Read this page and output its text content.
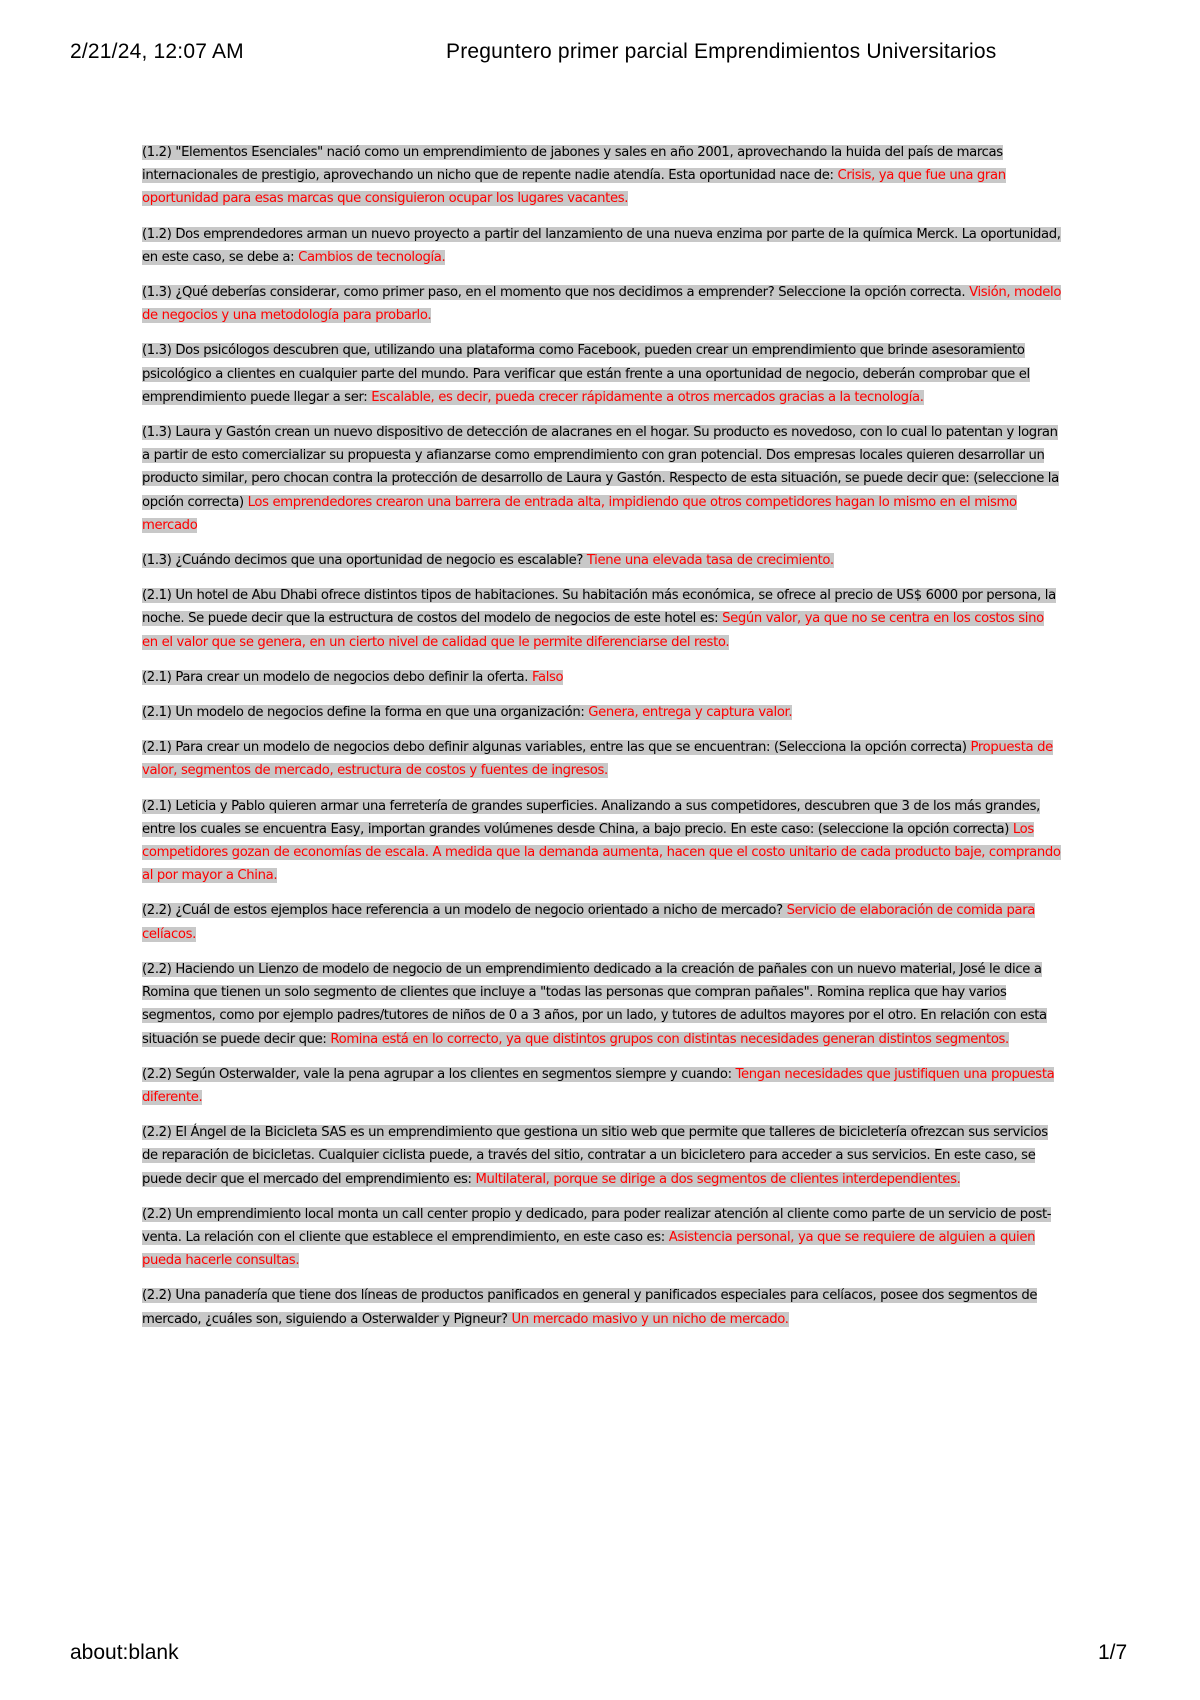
2/21/24, 12:07 AM	Preguntero primer parcial Emprendimientos Universitarios

(1.2) "Elementos Esenciales" nació como un emprendimiento de jabones y sales en año 2001, aprovechando la huida del país de marcas internacionales de prestigio, aprovechando un nicho que de repente nadie atendía. Esta oportunidad nace de: Crisis, ya que fue una gran oportunidad para esas marcas que consiguieron ocupar los lugares vacantes.

(1.2) Dos emprendedores arman un nuevo proyecto a partir del lanzamiento de una nueva enzima por parte de la química Merck. La oportunidad, en este caso, se debe a: Cambios de tecnología.

(1.3) ¿Qué deberías considerar, como primer paso, en el momento que nos decidimos a emprender? Seleccione la opción correcta. Visión, modelo de negocios y una metodología para probarlo.

(1.3) Dos psicólogos descubren que, utilizando una plataforma como Facebook, pueden crear un emprendimiento que brinde asesoramiento psicológico a clientes en cualquier parte del mundo. Para verificar que están frente a una oportunidad de negocio, deberán comprobar que el emprendimiento puede llegar a ser: Escalable, es decir, pueda crecer rápidamente a otros mercados gracias a la tecnología.

(1.3) Laura y Gastón crean un nuevo dispositivo de detección de alacranes en el hogar. Su producto es novedoso, con lo cual lo patentan y logran a partir de esto comercializar su propuesta y afianzarse como emprendimiento con gran potencial. Dos empresas locales quieren desarrollar un producto similar, pero chocan contra la protección de desarrollo de Laura y Gastón. Respecto de esta situación, se puede decir que: (seleccione la opción correcta) Los emprendedores crearon una barrera de entrada alta, impidiendo que otros competidores hagan lo mismo en el mismo mercado

(1.3) ¿Cuándo decimos que una oportunidad de negocio es escalable? Tiene una elevada tasa de crecimiento.

(2.1) Un hotel de Abu Dhabi ofrece distintos tipos de habitaciones. Su habitación más económica, se ofrece al precio de US$ 6000 por persona, la noche. Se puede decir que la estructura de costos del modelo de negocios de este hotel es: Según valor, ya que no se centra en los costos sino en el valor que se genera, en un cierto nivel de calidad que le permite diferenciarse del resto.

(2.1) Para crear un modelo de negocios debo definir la oferta. Falso

(2.1) Un modelo de negocios define la forma en que una organización: Genera, entrega y captura valor.

(2.1) Para crear un modelo de negocios debo definir algunas variables, entre las que se encuentran: (Selecciona la opción correcta) Propuesta de valor, segmentos de mercado, estructura de costos y fuentes de ingresos.

(2.1) Leticia y Pablo quieren armar una ferretería de grandes superficies. Analizando a sus competidores, descubren que 3 de los más grandes, entre los cuales se encuentra Easy, importan grandes volúmenes desde China, a bajo precio. En este caso: (seleccione la opción correcta) Los competidores gozan de economías de escala. A medida que la demanda aumenta, hacen que el costo unitario de cada producto baje, comprando al por mayor a China.

(2.2) ¿Cuál de estos ejemplos hace referencia a un modelo de negocio orientado a nicho de mercado? Servicio de elaboración de comida para celíacos.

(2.2) Haciendo un Lienzo de modelo de negocio de un emprendimiento dedicado a la creación de pañales con un nuevo material, José le dice a Romina que tienen un solo segmento de clientes que incluye a "todas las personas que compran pañales". Romina replica que hay varios segmentos, como por ejemplo padres/tutores de niños de 0 a 3 años, por un lado, y tutores de adultos mayores por el otro. En relación con esta situación se puede decir que: Romina está en lo correcto, ya que distintos grupos con distintas necesidades generan distintos segmentos.

(2.2) Según Osterwalder, vale la pena agrupar a los clientes en segmentos siempre y cuando: Tengan necesidades que justifiquen una propuesta diferente.

(2.2) El Ángel de la Bicicleta SAS es un emprendimiento que gestiona un sitio web que permite que talleres de bicicletería ofrezcan sus servicios de reparación de bicicletas. Cualquier ciclista puede, a través del sitio, contratar a un bicicletero para acceder a sus servicios. En este caso, se puede decir que el mercado del emprendimiento es: Multilateral, porque se dirige a dos segmentos de clientes interdependientes.

(2.2) Un emprendimiento local monta un call center propio y dedicado, para poder realizar atención al cliente como parte de un servicio de post-venta. La relación con el cliente que establece el emprendimiento, en este caso es: Asistencia personal, ya que se requiere de alguien a quien pueda hacerle consultas.

(2.2) Una panadería que tiene dos líneas de productos panificados en general y panificados especiales para celíacos, posee dos segmentos de mercado, ¿cuáles son, siguiendo a Osterwalder y Pigneur? Un mercado masivo y un nicho de mercado.

about:blank	1/7
